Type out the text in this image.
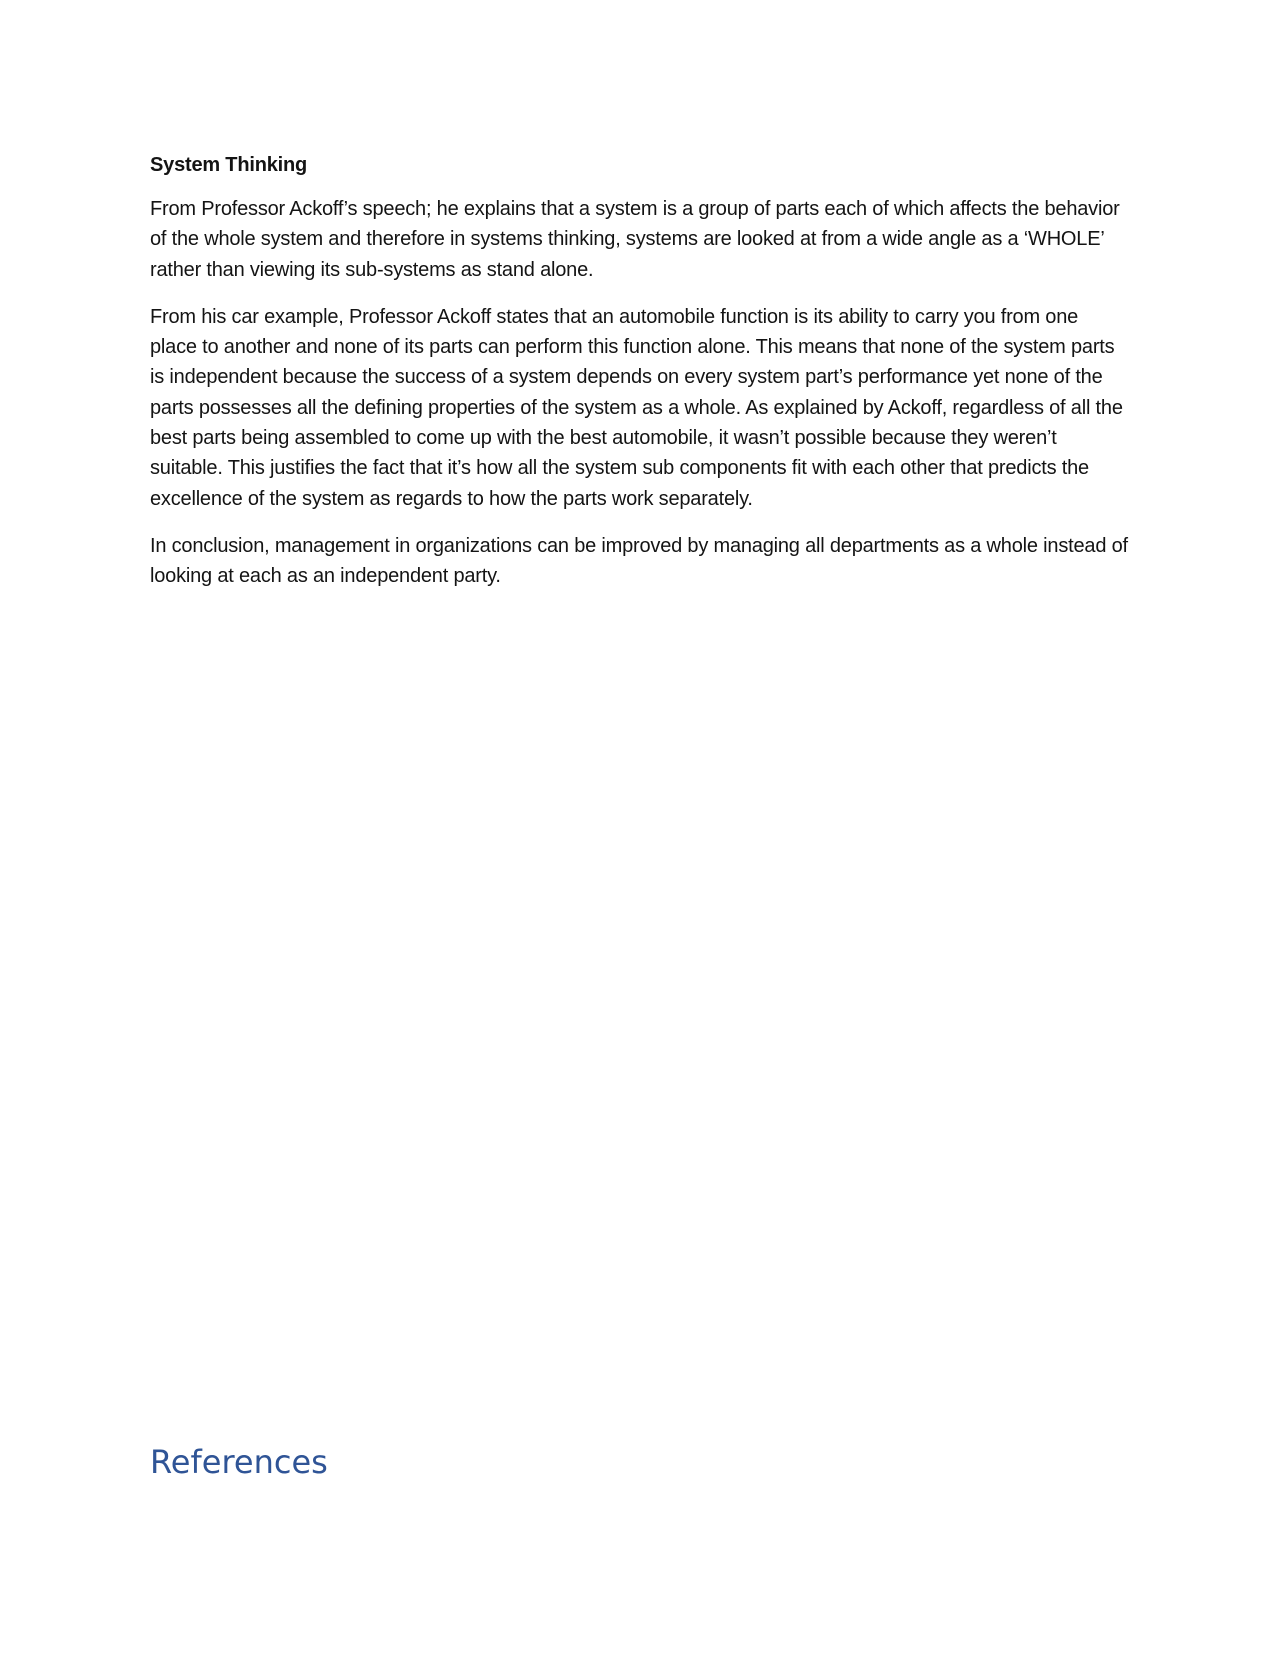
System Thinking

From Professor Ackoff’s speech; he explains that a system is a group of parts each of which affects the behavior of the whole system and therefore in systems thinking, systems are looked at from a wide angle as a ‘WHOLE’ rather than viewing its sub-systems as stand alone.

From his car example, Professor Ackoff states that an automobile function is its ability to carry you from one place to another and none of its parts can perform this function alone. This means that none of the system parts is independent because the success of a system depends on every system part’s performance yet none of the parts possesses all the defining properties of the system as a whole. As explained by Ackoff, regardless of all the best parts being assembled to come up with the best automobile, it wasn’t possible because they weren’t suitable. This justifies the fact that it’s how all the system sub components fit with each other that predicts the excellence of the system as regards to how the parts work separately.

In conclusion, management in organizations can be improved by managing all departments as a whole instead of looking at each as an independent party.

References
